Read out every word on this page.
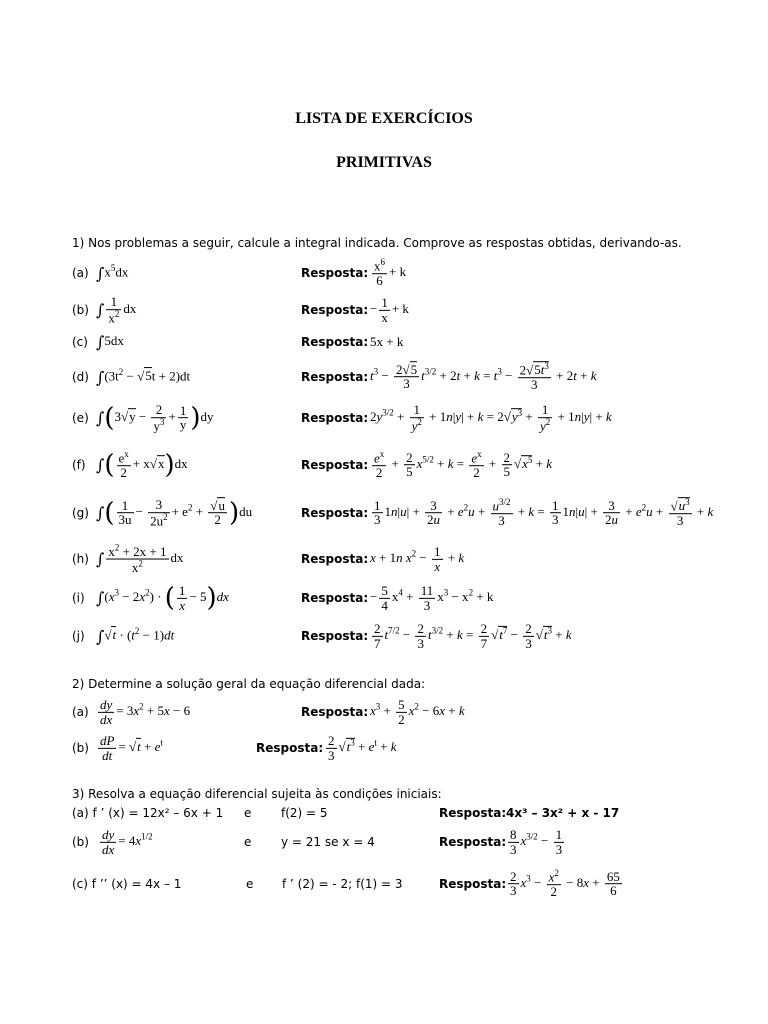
LISTA DE EXERCÍCIOS
PRIMITIVAS
1) Nos problemas a seguir, calcule a integral indicada. Comprove as respostas obtidas, derivando-as.
(a) $\int x^5dx$	Resposta: $\frac{x^6}{6} + k$
(b) ∫ $\frac{1}{x^2}$ dx	Resposta: − $\frac{1}{x} + k$
(c) ∫5dx	Resposta: 5x + k
(d) $\int(3t^2 - √5t + 2)dt$	Resposta: $t^3 - \frac{2√5}{3} t^{3/2} + 2t + k = t^3 - \frac{2√5t^3}{3} + 2t + k$
(e) $\int(3√y - \frac{2}{y^3} + \frac{1}{y} )dy$	Resposta: $2y^{3/2} + \frac{1}{y^2} + 1n|y| + k = 2√y^3 + \frac{1}{y^2} + 1n|y| + k$
(f) ∫( $\frac{e^x}{2} + x√x)dx$	Resposta: $\frac{e^x}{2} + \frac{2}{5} x^{5/2} + k = \frac{e^x}{2} + \frac{2}{5} √x^5 + k$
(g) ∫( $\frac{1}{3u} - \frac{3}{2u^2} + e^2 + \frac{√u}{2} )du$	Resposta: $\frac{1}{3} 1n|u| + \frac{3}{2u} + e^2u + \frac{u^{3/2}}{3} + k = \frac{1}{3} 1n|u| + \frac{3}{2u} + e^2u + \frac{√u^3}{3} + k$
(h) ∫ $\frac{x^2 + 2x + 1}{x^2}$ dx	Resposta: x + 1n $x^2 - \frac{1}{x} + k$
(i) $\int(x^3 - 2x^2)$ · ( $\frac{1}{x} - 5)dx$	Resposta: − $\frac{5}{4} x^4 + \frac{11}{3} x^3 - x^2 + k$
(j) $\int√t \cdot (t^2 - 1)dt$	Resposta: $\frac{2}{7} t^{7/2} - \frac{2}{3} t^{3/2} + k = \frac{2}{7} √t^7 - \frac{2}{3} √t^3 + k$
2) Determine a solução geral da equação diferencial dada:
$(a) \frac{dy}{dx} = 3x^2 + 5x - 6$	Resposta: $x^3 + \frac{5}{2} x^2 - 6x + k$
$(b) \frac{dP}{dt} = √t + e^t$	Resposta: $\frac{2}{3} √t^3 + e^t + k$
3) Resolva a equação diferencial sujeita às condições iniciais:
(a) f ’ (x) = 12x² – 6x + 1 e f(2) = 5	Resposta: 4x³ – 3x² + x - 17
$(b) \frac{dy}{dx} = 4x^{1/2}$	e y = 21 se x = 4	Resposta: $\frac{8}{3} x^{3/2} - \frac{1}{3}$
(c) f ’’ (x) = 4x – 1	e f ’ (2) = - 2; f(1) = 3	Resposta: $\frac{2}{3} x^3 - \frac{x^2}{2} - 8x + \frac{65}{6}$
